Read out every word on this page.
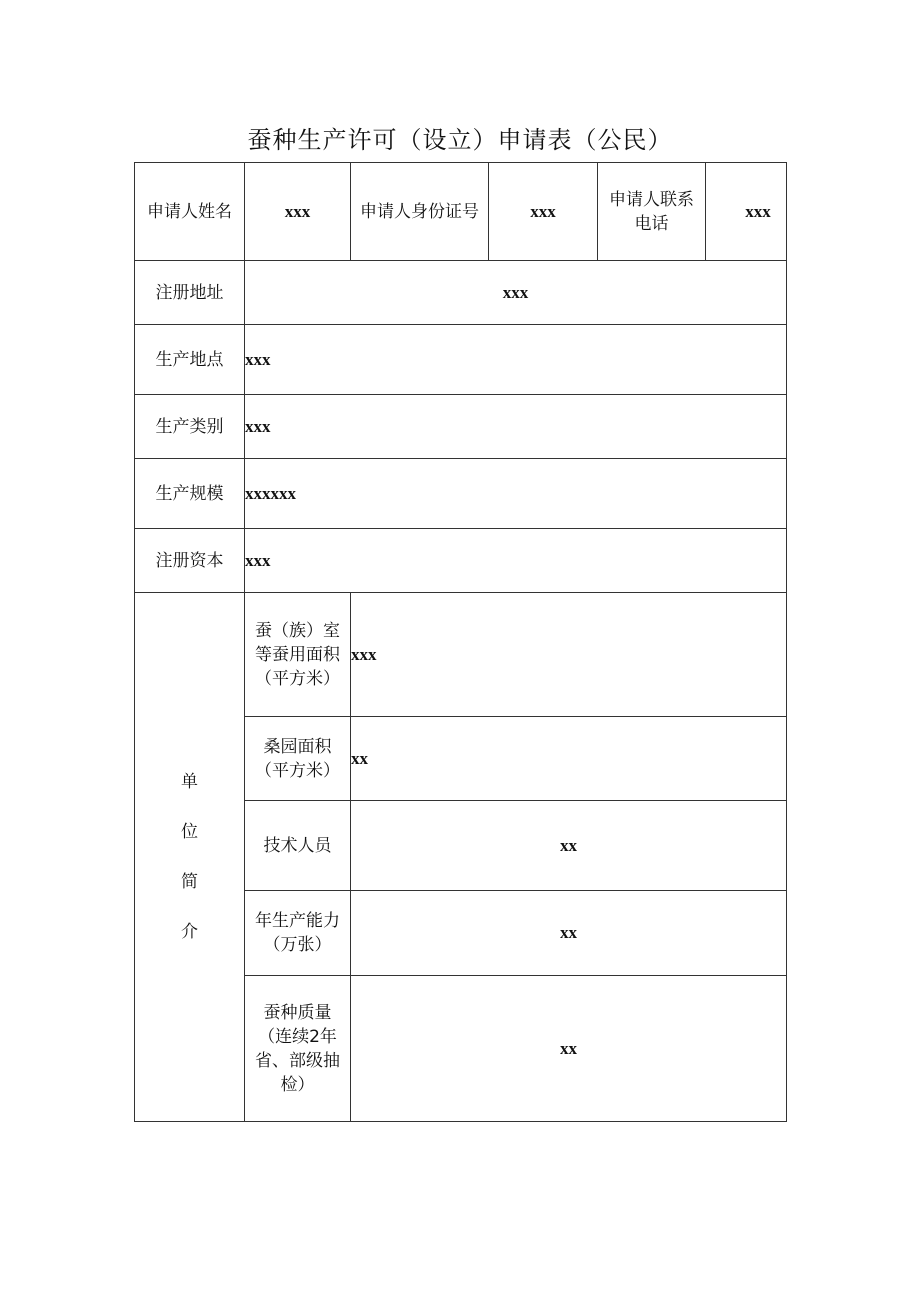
蚕种生产许可（设立）申请表（公民）
申请人姓名	xxx	申请人身份证号	xxx	申请人联系电话	xxx
注册地址	xxx				
生产地点	xxx				
生产类别	xxx				
生产规模	xxxxxx				
注册资本	xxx				

单
位
简
介	蚕（族）室等蚕用面积（平方米）	xxx			
	桑园面积（平方米）	xx			
	技术人员	xx			
	年生产能力（万张）	xx			
	蚕种质量（连续2年省、部级抽检）	xx			
